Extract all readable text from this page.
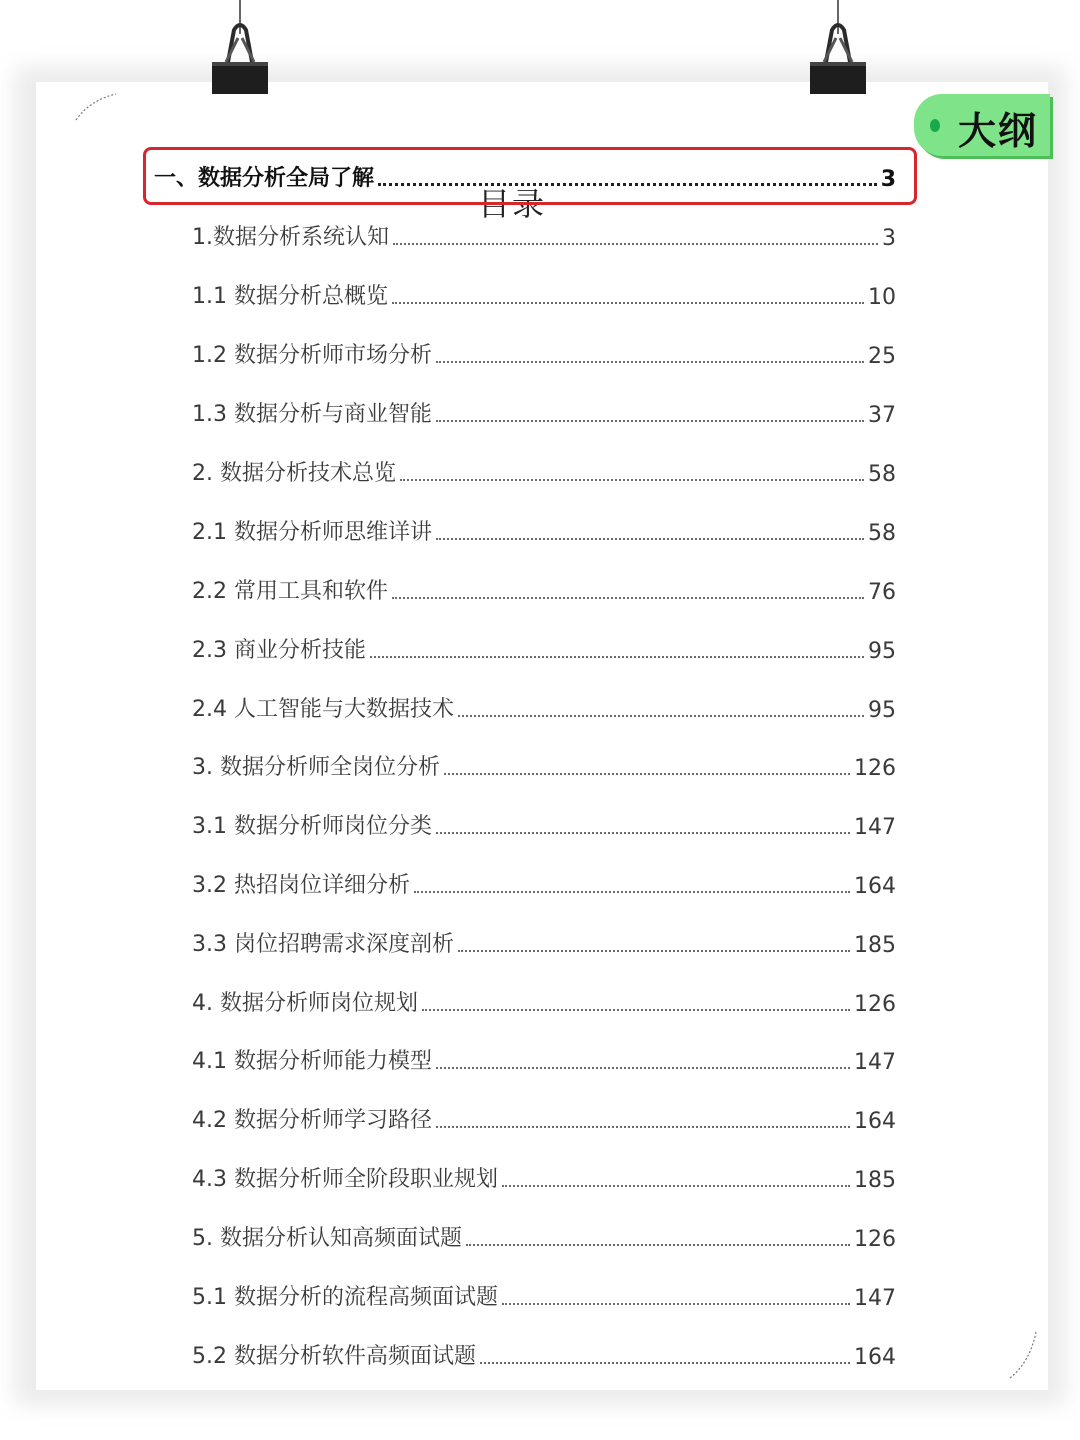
目录
大纲
一、数据分析全局了解	3
1.数据分析系统认知	3
1.1 数据分析总概览	10
1.2 数据分析师市场分析	25
1.3 数据分析与商业智能	37
2. 数据分析技术总览	58
2.1 数据分析师思维详讲	58
2.2 常用工具和软件	76
2.3 商业分析技能	95
2.4 人工智能与大数据技术	95
3. 数据分析师全岗位分析	126
3.1 数据分析师岗位分类	147
3.2 热招岗位详细分析	164
3.3 岗位招聘需求深度剖析	185
4. 数据分析师岗位规划	126
4.1 数据分析师能力模型	147
4.2 数据分析师学习路径	164
4.3 数据分析师全阶段职业规划	185
5. 数据分析认知高频面试题	126
5.1 数据分析的流程高频面试题	147
5.2 数据分析软件高频面试题	164
